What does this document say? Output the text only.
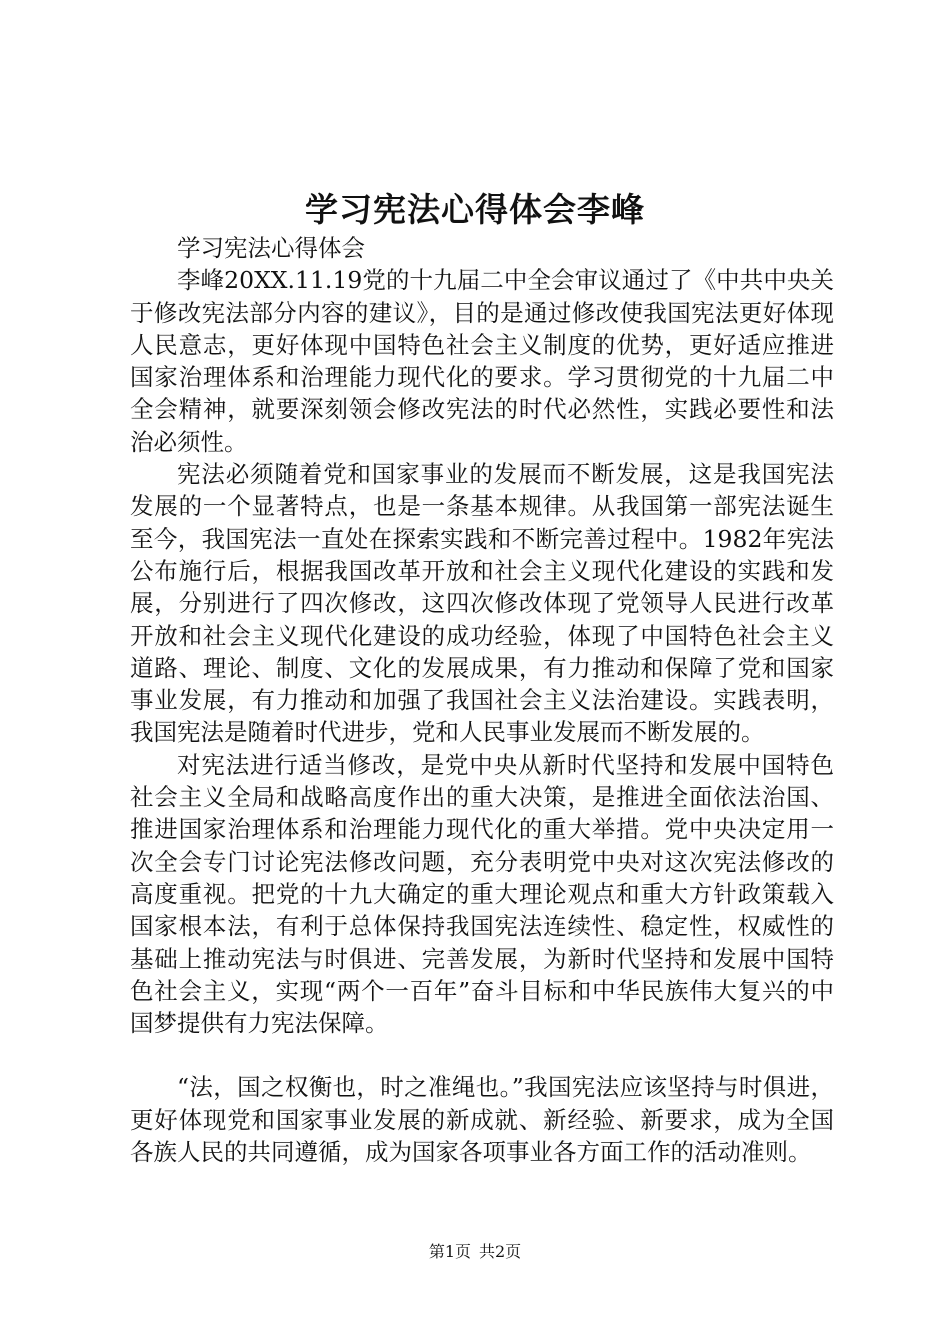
学习宪法心得体会李峰

学习宪法心得体会

李峰20XX.11.19党的十九届二中全会审议通过了《中共中央关于修改宪法部分内容的建议》，目的是通过修改使我国宪法更好体现人民意志，更好体现中国特色社会主义制度的优势，更好适应推进国家治理体系和治理能力现代化的要求。学习贯彻党的十九届二中全会精神，就要深刻领会修改宪法的时代必然性，实践必要性和法治必须性。

宪法必须随着党和国家事业的发展而不断发展，这是我国宪法发展的一个显著特点，也是一条基本规律。从我国第一部宪法诞生至今，我国宪法一直处在探索实践和不断完善过程中。1982年宪法公布施行后，根据我国改革开放和社会主义现代化建设的实践和发展，分别进行了四次修改，这四次修改体现了党领导人民进行改革开放和社会主义现代化建设的成功经验，体现了中国特色社会主义道路、理论、制度、文化的发展成果，有力推动和保障了党和国家事业发展，有力推动和加强了我国社会主义法治建设。实践表明，我国宪法是随着时代进步，党和人民事业发展而不断发展的。

对宪法进行适当修改，是党中央从新时代坚持和发展中国特色社会主义全局和战略高度作出的重大决策，是推进全面依法治国、推进国家治理体系和治理能力现代化的重大举措。党中央决定用一次全会专门讨论宪法修改问题，充分表明党中央对这次宪法修改的高度重视。把党的十九大确定的重大理论观点和重大方针政策载入国家根本法，有利于总体保持我国宪法连续性、稳定性，权威性的基础上推动宪法与时俱进、完善发展，为新时代坚持和发展中国特色社会主义，实现“两个一百年”奋斗目标和中华民族伟大复兴的中国梦提供有力宪法保障。

“法，国之权衡也，时之准绳也。”我国宪法应该坚持与时俱进，更好体现党和国家事业发展的新成就、新经验、新要求，成为全国各族人民的共同遵循，成为国家各项事业各方面工作的活动准则。

第1页 共2页
